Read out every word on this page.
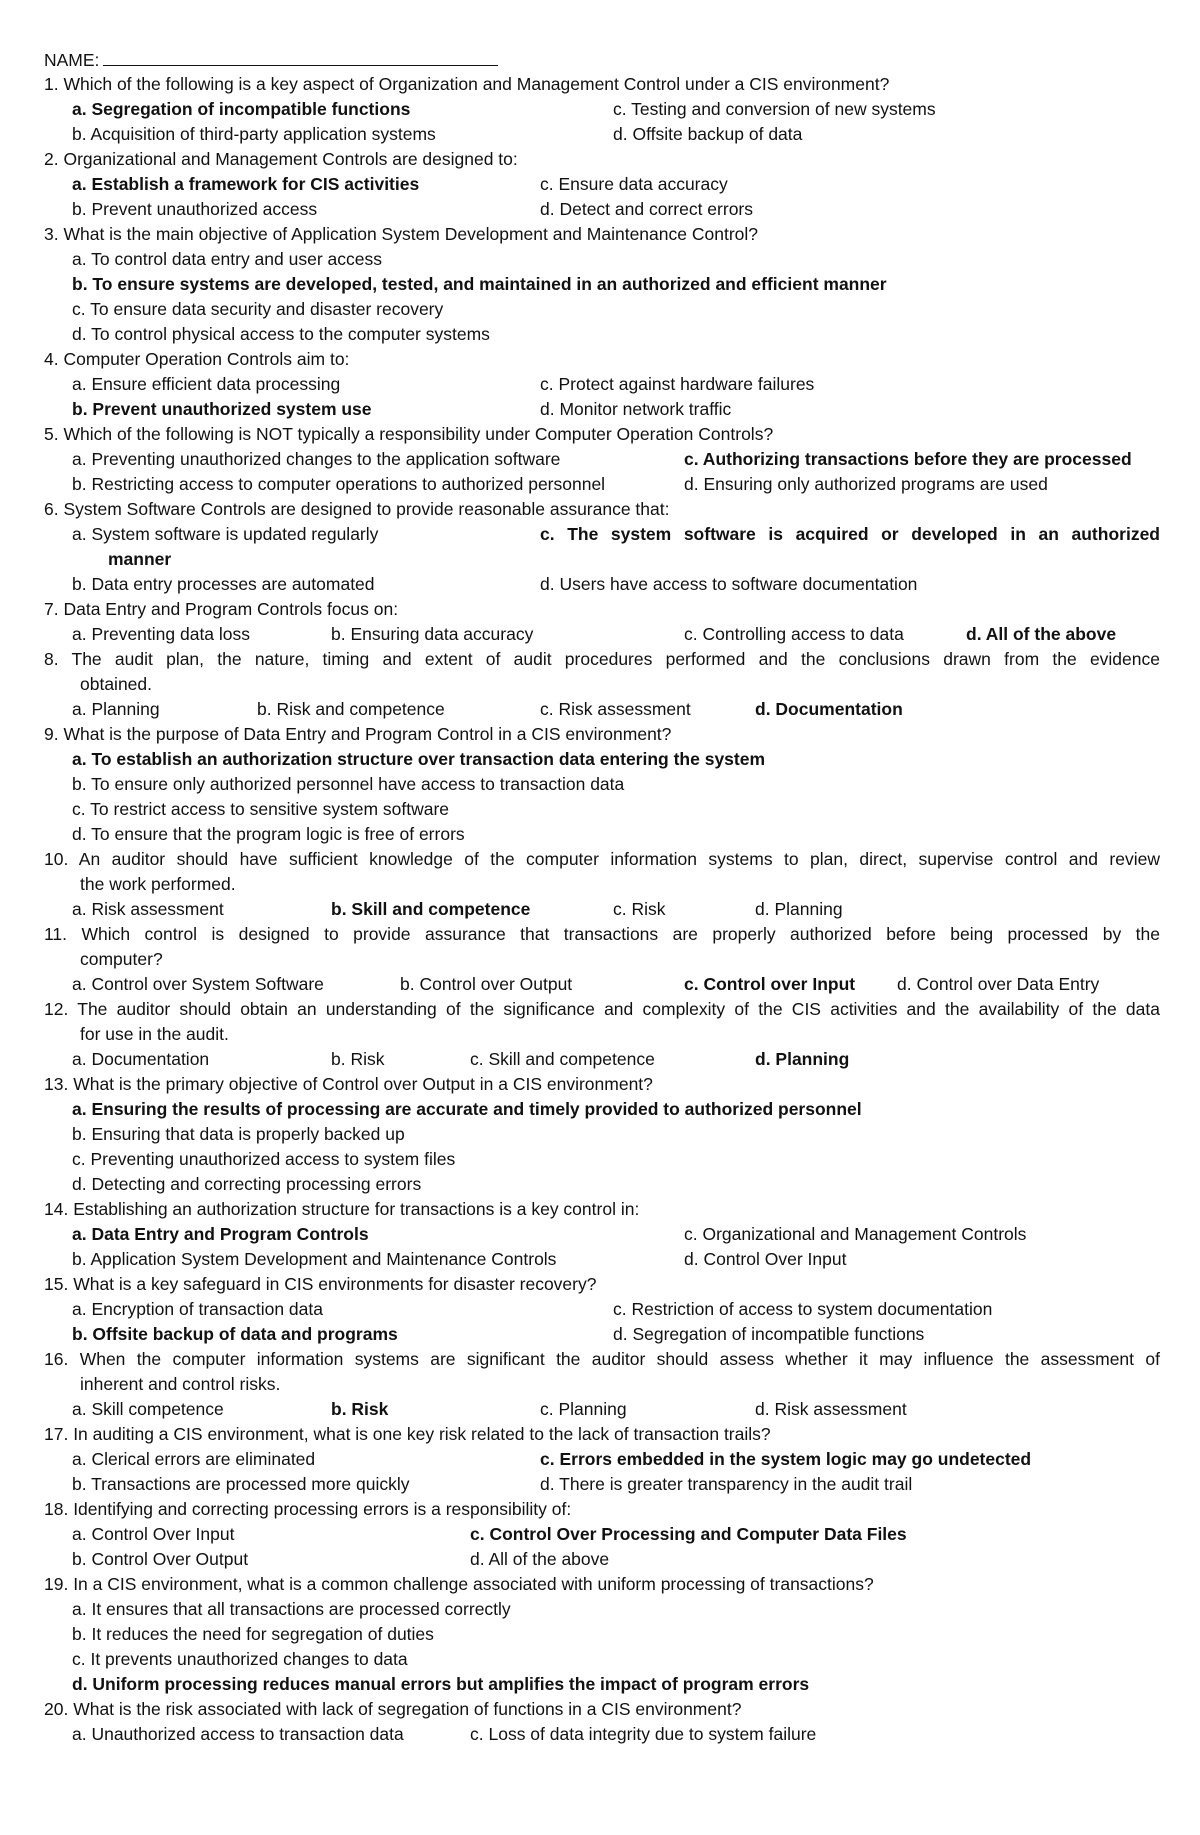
NAME:
1. Which of the following is a key aspect of Organization and Management Control under a CIS environment?
a. Segregation of incompatible functions	c. Testing and conversion of new systems
b. Acquisition of third-party application systems	d. Offsite backup of data
2. Organizational and Management Controls are designed to:
a. Establish a framework for CIS activities	c. Ensure data accuracy
b. Prevent unauthorized access	d. Detect and correct errors
3. What is the main objective of Application System Development and Maintenance Control?
a. To control data entry and user access
b. To ensure systems are developed, tested, and maintained in an authorized and efficient manner
c. To ensure data security and disaster recovery
d. To control physical access to the computer systems
4. Computer Operation Controls aim to:
a. Ensure efficient data processing	c. Protect against hardware failures
b. Prevent unauthorized system use	d. Monitor network traffic
5. Which of the following is NOT typically a responsibility under Computer Operation Controls?
a. Preventing unauthorized changes to the application software	c. Authorizing transactions before they are processed
b. Restricting access to computer operations to authorized personnel	d. Ensuring only authorized programs are used
6. System Software Controls are designed to provide reasonable assurance that:
a. System software is updated regularly	c. The system software is acquired or developed in an authorized
manner
b. Data entry processes are automated	d. Users have access to software documentation
7. Data Entry and Program Controls focus on:
a. Preventing data loss	b. Ensuring data accuracy	c. Controlling access to data	d. All of the above
8. The audit plan, the nature, timing and extent of audit procedures performed and the conclusions drawn from the evidence
obtained.
a. Planning	b. Risk and competence	c. Risk assessment	d. Documentation
9. What is the purpose of Data Entry and Program Control in a CIS environment?
a. To establish an authorization structure over transaction data entering the system
b. To ensure only authorized personnel have access to transaction data
c. To restrict access to sensitive system software
d. To ensure that the program logic is free of errors
10. An auditor should have sufficient knowledge of the computer information systems to plan, direct, supervise control and review
the work performed.
a. Risk assessment	b. Skill and competence	c. Risk	d. Planning
11. Which control is designed to provide assurance that transactions are properly authorized before being processed by the
computer?
a. Control over System Software	b. Control over Output	c. Control over Input d. Control over Data Entry
12. The auditor should obtain an understanding of the significance and complexity of the CIS activities and the availability of the data
for use in the audit.
a. Documentation	b. Risk	c. Skill and competence	d. Planning
13. What is the primary objective of Control over Output in a CIS environment?
a. Ensuring the results of processing are accurate and timely provided to authorized personnel
b. Ensuring that data is properly backed up
c. Preventing unauthorized access to system files
d. Detecting and correcting processing errors
14. Establishing an authorization structure for transactions is a key control in:
a. Data Entry and Program Controls	c. Organizational and Management Controls
b. Application System Development and Maintenance Controls	d. Control Over Input
15. What is a key safeguard in CIS environments for disaster recovery?
a. Encryption of transaction data	c. Restriction of access to system documentation
b. Offsite backup of data and programs	d. Segregation of incompatible functions
16. When the computer information systems are significant the auditor should assess whether it may influence the assessment of
inherent and control risks.
a. Skill competence	b. Risk	c. Planning	d. Risk assessment
17. In auditing a CIS environment, what is one key risk related to the lack of transaction trails?
a. Clerical errors are eliminated	c. Errors embedded in the system logic may go undetected
b. Transactions are processed more quickly	d. There is greater transparency in the audit trail
18. Identifying and correcting processing errors is a responsibility of:
a. Control Over Input	c. Control Over Processing and Computer Data Files
b. Control Over Output	d. All of the above
19. In a CIS environment, what is a common challenge associated with uniform processing of transactions?
a. It ensures that all transactions are processed correctly
b. It reduces the need for segregation of duties
c. It prevents unauthorized changes to data
d. Uniform processing reduces manual errors but amplifies the impact of program errors
20. What is the risk associated with lack of segregation of functions in a CIS environment?
a. Unauthorized access to transaction data	c. Loss of data integrity due to system failure
